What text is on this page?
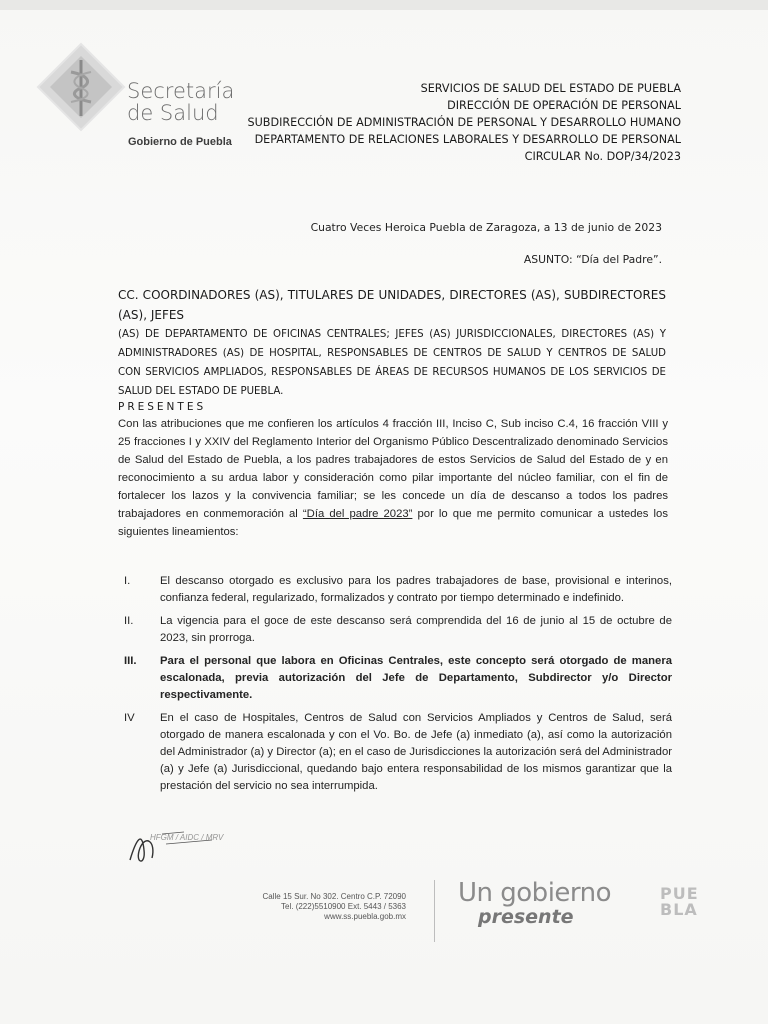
Secretaría
de Salud
Gobierno de Puebla
SERVICIOS DE SALUD DEL ESTADO DE PUEBLA
DIRECCIÓN DE OPERACIÓN DE PERSONAL
SUBDIRECCIÓN DE ADMINISTRACIÓN DE PERSONAL Y DESARROLLO HUMANO
DEPARTAMENTO DE RELACIONES LABORALES Y DESARROLLO DE PERSONAL
CIRCULAR No. DOP/34/2023
Cuatro Veces Heroica Puebla de Zaragoza, a 13 de junio de 2023
ASUNTO: “Día del Padre”.
CC. COORDINADORES (AS), TITULARES DE UNIDADES, DIRECTORES (AS), SUBDIRECTORES (AS), JEFES
(AS) DE DEPARTAMENTO DE OFICINAS CENTRALES; JEFES (AS) JURISDICCIONALES, DIRECTORES (AS) Y ADMINISTRADORES (AS) DE HOSPITAL, RESPONSABLES DE CENTROS DE SALUD Y CENTROS DE SALUD CON SERVICIOS AMPLIADOS, RESPONSABLES DE ÁREAS DE RECURSOS HUMANOS DE LOS SERVICIOS DE SALUD DEL ESTADO DE PUEBLA.
PRESENTES
Con las atribuciones que me confieren los artículos 4 fracción III, Inciso C, Sub inciso C.4, 16 fracción VIII y 25 fracciones I y XXIV del Reglamento Interior del Organismo Público Descentralizado denominado Servicios de Salud del Estado de Puebla, a los padres trabajadores de estos Servicios de Salud del Estado de y en reconocimiento a su ardua labor y consideración como pilar importante del núcleo familiar, con el fin de fortalecer los lazos y la convivencia familiar; se les concede un día de descanso a todos los padres trabajadores en conmemoración al “Día del padre 2023” por lo que me permito comunicar a ustedes los siguientes lineamientos:
I.	El descanso otorgado es exclusivo para los padres trabajadores de base, provisional e interinos, confianza federal, regularizado, formalizados y contrato por tiempo determinado e indefinido.
II.	La vigencia para el goce de este descanso será comprendida del 16 de junio al 15 de octubre de 2023, sin prorroga.
III.	Para el personal que labora en Oficinas Centrales, este concepto será otorgado de manera escalonada, previa autorización del Jefe de Departamento, Subdirector y/o Director respectivamente.
IV	En el caso de Hospitales, Centros de Salud con Servicios Ampliados y Centros de Salud, será otorgado de manera escalonada y con el Vo. Bo. de Jefe (a) inmediato (a), así como la autorización del Administrador (a) y Director (a); en el caso de Jurisdicciones la autorización será del Administrador (a) y Jefe (a) Jurisdiccional, quedando bajo entera responsabilidad de los mismos garantizar que la prestación del servicio no sea interrumpida.
HFGM / AIDC / MRV
Calle 15 Sur. No 302. Centro C.P. 72090
Tel. (222)5510900 Ext. 5443 / 5363
www.ss.puebla.gob.mx
Un gobierno
presente
PUE
BLA
